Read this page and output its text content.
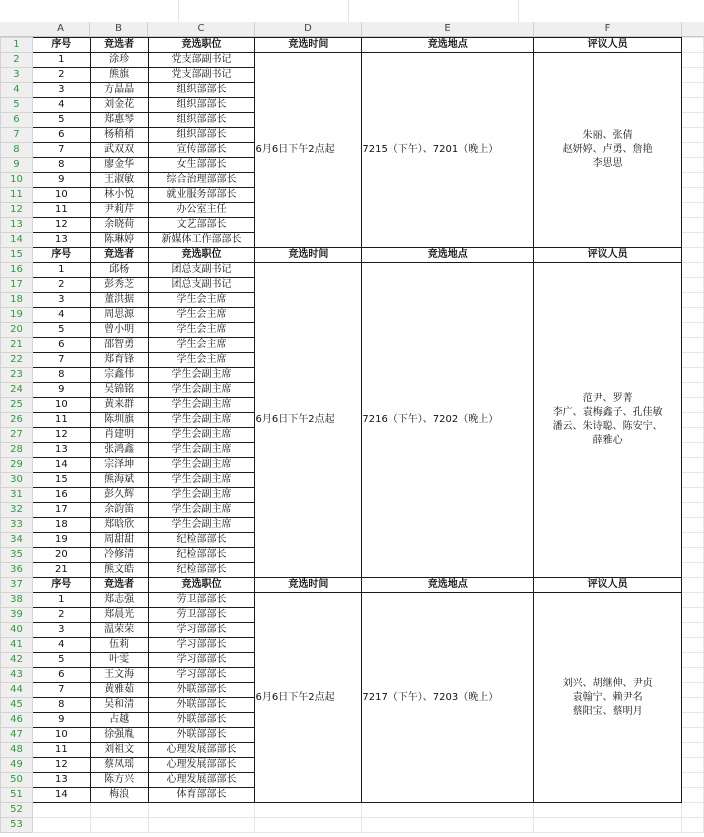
A	B	C	D	E	F
1	序号	竞选者	竞选职位	竞选时间	竞选地点	评议人员	
2	1	涂珍	党支部副书记	6月6日下午2点起	7215（下午）、7201（晚上）	朱丽、张倩
赵妍婷、卢勇、詹艳
李思思	

3	2	熊旗	党支部副书记				
4	3	方晶晶	组织部部长				
5	4	刘金花	组织部部长				
6	5	郑惠琴	组织部部长				
7	6	杨稍稍	组织部部长				
8	7	武双双	宣传部部长				
9	8	廖金华	女生部部长				
10	9	王淑敏	综合治理部部长				
11	10	林小悦	就业服务部部长				
12	11	尹莉芹	办公室主任				
13	12	余晓荷	文艺部部长				
14	13	陈琳婷	新媒体工作部部长				
15	序号	竞选者	竞选职位	竞选时间	竞选地点	评议人员	
16	1	邱杨	团总支副书记	6月6日下午2点起	7216（下午）、7202（晚上）	范尹、罗菁
李广、袁梅鑫子、孔佳敏
潘云、朱诗聪、陈安宁、
薛雅心	

17	2	彭秀芝	团总支副书记				
18	3	董洪据	学生会主席				
19	4	周思源	学生会主席				
20	5	曾小明	学生会主席				
21	6	邵智勇	学生会主席				
22	7	郑育锋	学生会主席				
23	8	宗鑫伟	学生会副主席				
24	9	吴锦铭	学生会副主席				
25	10	黄来群	学生会副主席				
26	11	陈圳旗	学生会副主席				
27	12	肖建明	学生会副主席				
28	13	张鸿鑫	学生会副主席				
29	14	宗泽坤	学生会副主席				
30	15	熊海斌	学生会副主席				
31	16	彭久辉	学生会副主席				
32	17	余韵笛	学生会副主席				
33	18	郑晗欣	学生会副主席				
34	19	周甜甜	纪检部部长				
35	20	冷修清	纪检部部长				
36	21	熊文皓	纪检部部长				
37	序号	竞选者	竞选职位	竞选时间	竞选地点	评议人员	
38	1	郑志强	劳卫部部长	6月6日下午2点起	7217（下午）、7203（晚上）	刘兴、胡继伸、尹贞
袁翰宁、赖尹名
蔡阳宝、蔡明月	

39	2	郑晨光	劳卫部部长				
40	3	温荣荣	学习部部长				
41	4	伍莉	学习部部长				
42	5	叶雯	学习部部长				
43	6	王文海	学习部部长				
44	7	黄雅茹	外联部部长				
45	8	吴和清	外联部部长				
46	9	占越	外联部部长				
47	10	徐强胤	外联部部长				
48	11	刘祖文	心理发展部部长				
49	12	蔡凤瑶	心理发展部部长				
50	13	陈方兴	心理发展部部长				
51	14	梅浪	体育部部长				
52							
53							
